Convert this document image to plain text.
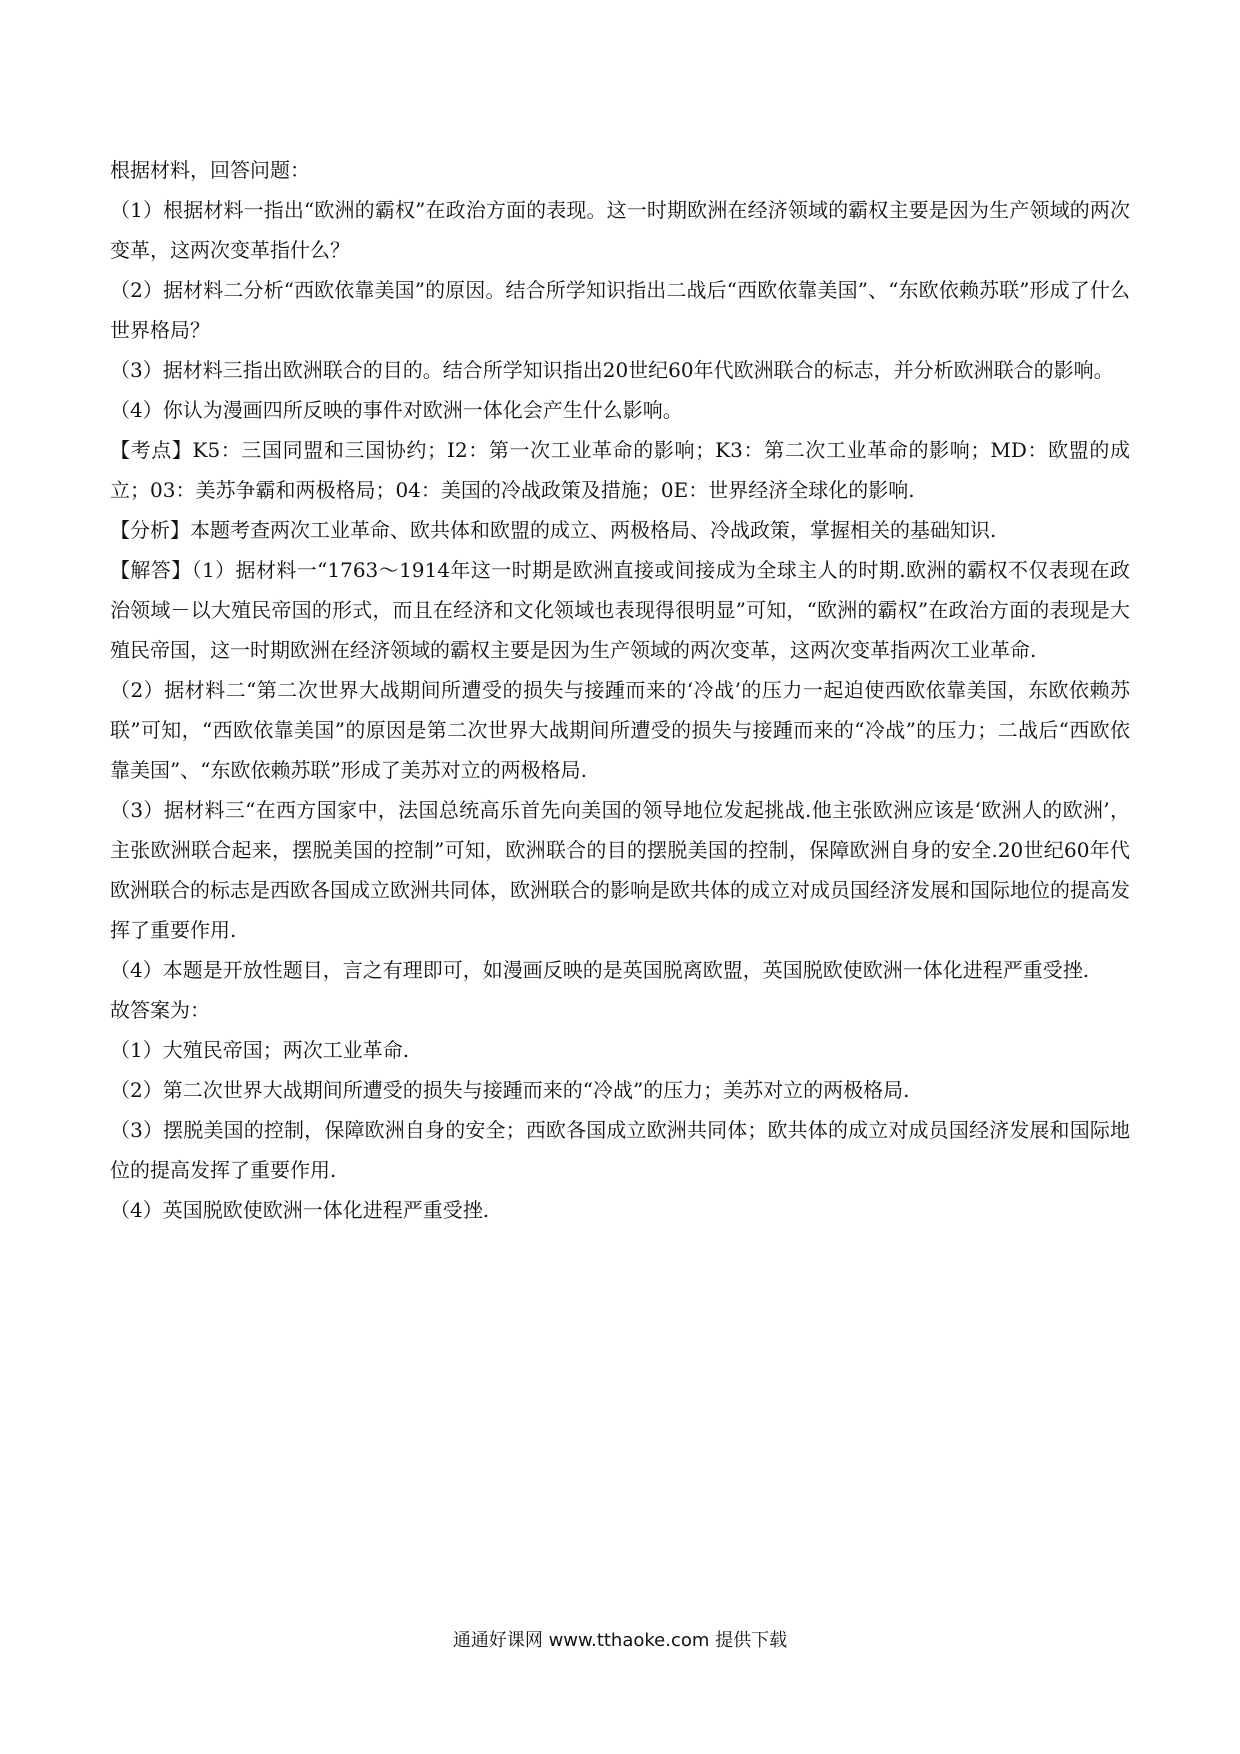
根据材料，回答问题：

（1）根据材料一指出“欧洲的霸权”在政治方面的表现。这一时期欧洲在经济领域的霸权主要是因为生产领域的两次变革，这两次变革指什么？

（2）据材料二分析“西欧依靠美国”的原因。结合所学知识指出二战后“西欧依靠美国”、“东欧依赖苏联”形成了什么世界格局？

（3）据材料三指出欧洲联合的目的。结合所学知识指出20世纪60年代欧洲联合的标志，并分析欧洲联合的影响。

（4）你认为漫画四所反映的事件对欧洲一体化会产生什么影响。

【考点】K5：三国同盟和三国协约；I2：第一次工业革命的影响；K3：第二次工业革命的影响；MD：欧盟的成立；03：美苏争霸和两极格局；04：美国的冷战政策及措施；0E：世界经济全球化的影响.

【分析】本题考查两次工业革命、欧共体和欧盟的成立、两极格局、冷战政策，掌握相关的基础知识.

【解答】（1）据材料一“1763～1914年这一时期是欧洲直接或间接成为全球主人的时期.欧洲的霸权不仅表现在政治领域－以大殖民帝国的形式，而且在经济和文化领域也表现得很明显”可知，“欧洲的霸权”在政治方面的表现是大殖民帝国，这一时期欧洲在经济领域的霸权主要是因为生产领域的两次变革，这两次变革指两次工业革命.

（2）据材料二“第二次世界大战期间所遭受的损失与接踵而来的‘冷战’的压力一起迫使西欧依靠美国，东欧依赖苏联”可知，“西欧依靠美国”的原因是第二次世界大战期间所遭受的损失与接踵而来的“冷战”的压力；二战后“西欧依靠美国”、“东欧依赖苏联”形成了美苏对立的两极格局.

（3）据材料三“在西方国家中，法国总统高乐首先向美国的领导地位发起挑战.他主张欧洲应该是‘欧洲人的欧洲’，主张欧洲联合起来，摆脱美国的控制”可知，欧洲联合的目的摆脱美国的控制，保障欧洲自身的安全.20世纪60年代欧洲联合的标志是西欧各国成立欧洲共同体，欧洲联合的影响是欧共体的成立对成员国经济发展和国际地位的提高发挥了重要作用.

（4）本题是开放性题目，言之有理即可，如漫画反映的是英国脱离欧盟，英国脱欧使欧洲一体化进程严重受挫.

故答案为：

（1）大殖民帝国；两次工业革命.

（2）第二次世界大战期间所遭受的损失与接踵而来的“冷战”的压力；美苏对立的两极格局.

（3）摆脱美国的控制，保障欧洲自身的安全；西欧各国成立欧洲共同体；欧共体的成立对成员国经济发展和国际地位的提高发挥了重要作用.

（4）英国脱欧使欧洲一体化进程严重受挫.

通通好课网 www.tthaoke.com 提供下载
